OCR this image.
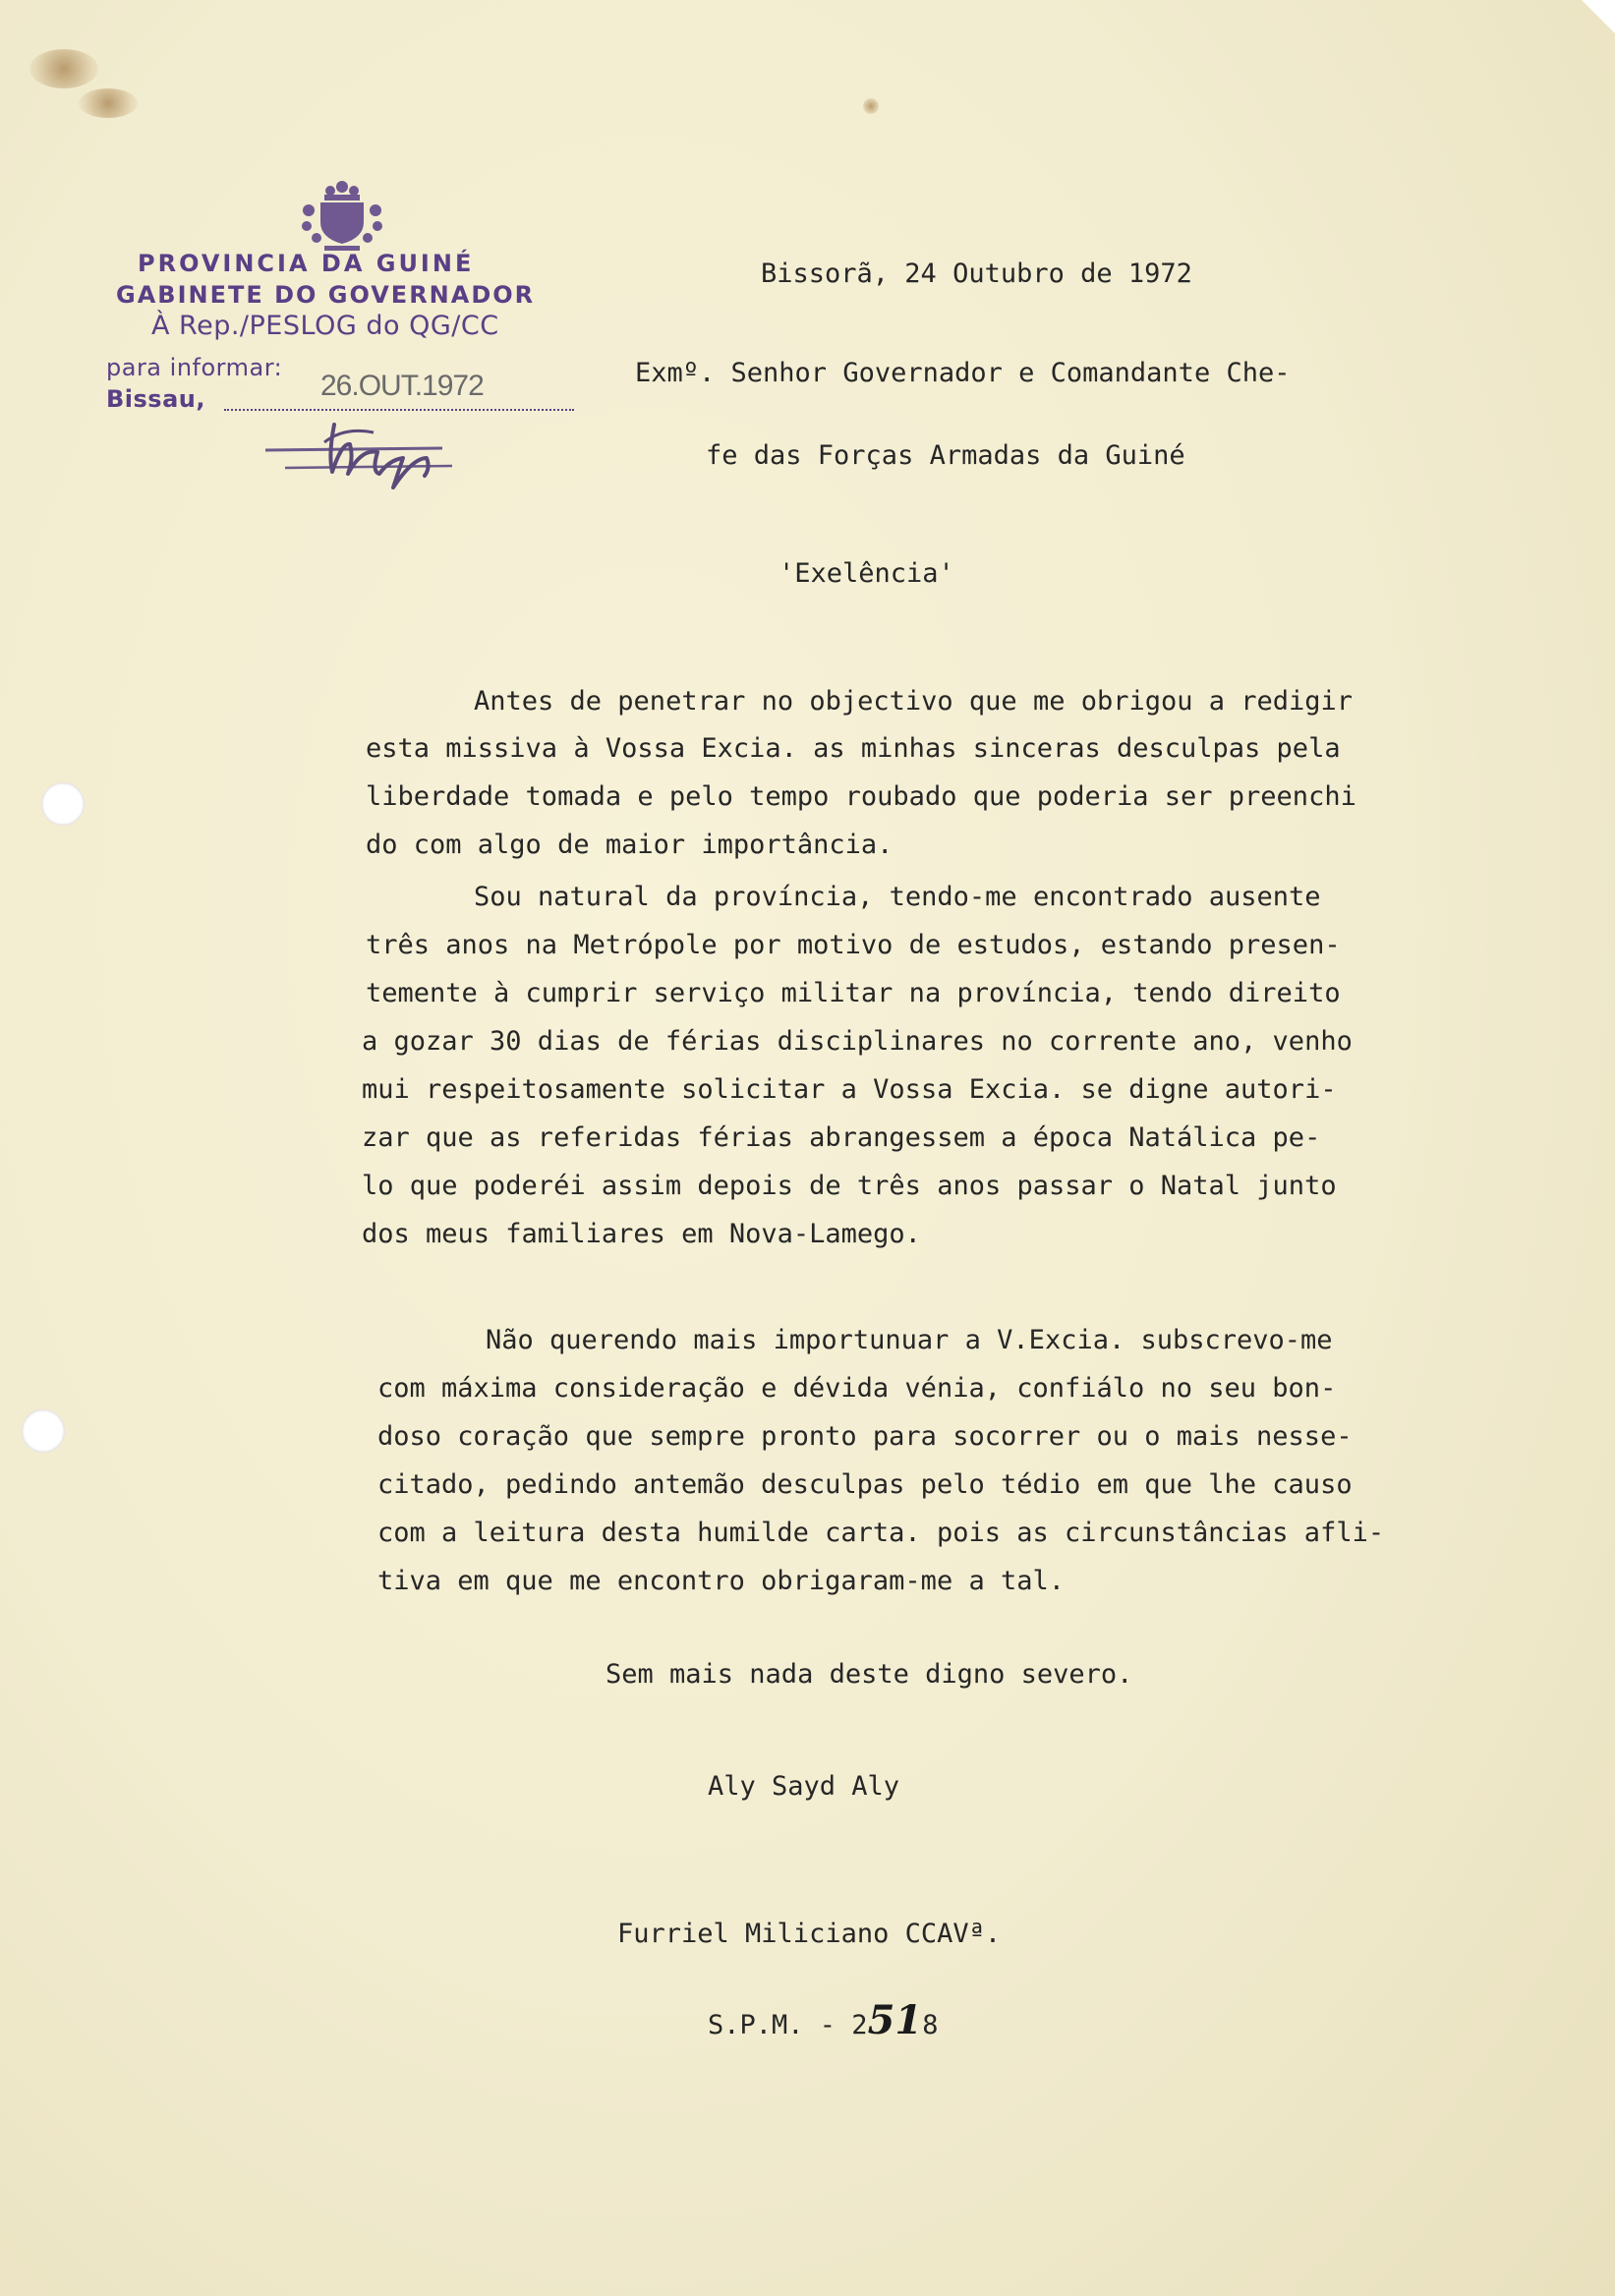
PROVINCIA DA GUINÉ
GABINETE DO GOVERNADOR
À Rep./PESLOG do QG/CC
para informar:
Bissau,	26.OUT.1972
Bissorã, 24 Outubro de 1972
Exmº. Senhor Governador e Comandante Che-
fe das Forças Armadas da Guiné
'Exelência'
Antes de penetrar no objectivo que me obrigou a redigir
esta missiva à Vossa Excia. as minhas sinceras desculpas pela
liberdade tomada e pelo tempo roubado que poderia ser preenchi
do com algo de maior importância.
Sou natural da província, tendo-me encontrado ausente
três anos na Metrópole por motivo de estudos, estando presen-
temente à cumprir serviço militar na província, tendo direito
a gozar 30 dias de férias disciplinares no corrente ano, venho
mui respeitosamente solicitar a Vossa Excia. se digne autori-
zar que as referidas férias abrangessem a época Natálica pe-
lo que poderéi assim depois de três anos passar o Natal junto
dos meus familiares em Nova-Lamego.
Não querendo mais importunuar a V.Excia. subscrevo-me
com máxima consideração e dévida vénia, confiálo no seu bon-
doso coração que sempre pronto para socorrer ou o mais nesse-
citado, pedindo antemão desculpas pelo tédio em que lhe causo
com a leitura desta humilde carta. pois as circunstâncias afli-
tiva em que me encontro obrigaram-me a tal.
Sem mais nada deste digno severo.
Aly Sayd Aly
Furriel Miliciano CCAVª.
S.P.M. - 2518
